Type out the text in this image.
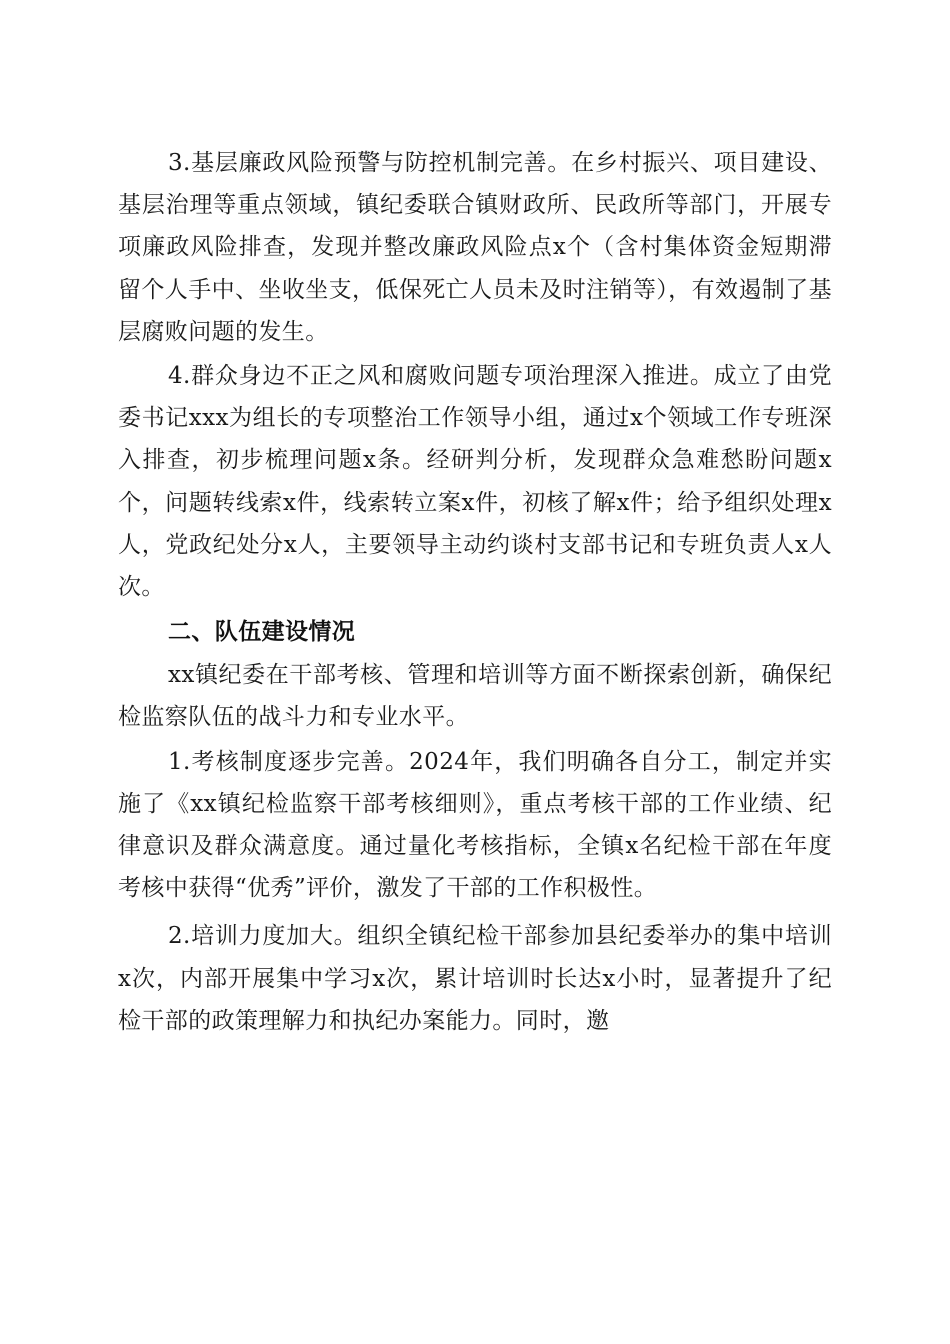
3.基层廉政风险预警与防控机制完善。在乡村振兴、项目建设、基层治理等重点领域，镇纪委联合镇财政所、民政所等部门，开展专项廉政风险排查，发现并整改廉政风险点x个（含村集体资金短期滞留个人手中、坐收坐支，低保死亡人员未及时注销等），有效遏制了基层腐败问题的发生。

4.群众身边不正之风和腐败问题专项治理深入推进。成立了由党委书记xxx为组长的专项整治工作领导小组，通过x个领域工作专班深入排查，初步梳理问题x条。经研判分析，发现群众急难愁盼问题x个，问题转线索x件，线索转立案x件，初核了解x件；给予组织处理x人，党政纪处分x人，主要领导主动约谈村支部书记和专班负责人x人次。

二、队伍建设情况

xx镇纪委在干部考核、管理和培训等方面不断探索创新，确保纪检监察队伍的战斗力和专业水平。

1.考核制度逐步完善。2024年，我们明确各自分工，制定并实施了《xx镇纪检监察干部考核细则》，重点考核干部的工作业绩、纪律意识及群众满意度。通过量化考核指标，全镇x名纪检干部在年度考核中获得“优秀”评价，激发了干部的工作积极性。

2.培训力度加大。组织全镇纪检干部参加县纪委举办的集中培训x次，内部开展集中学习x次，累计培训时长达x小时，显著提升了纪检干部的政策理解力和执纪办案能力。同时，邀
